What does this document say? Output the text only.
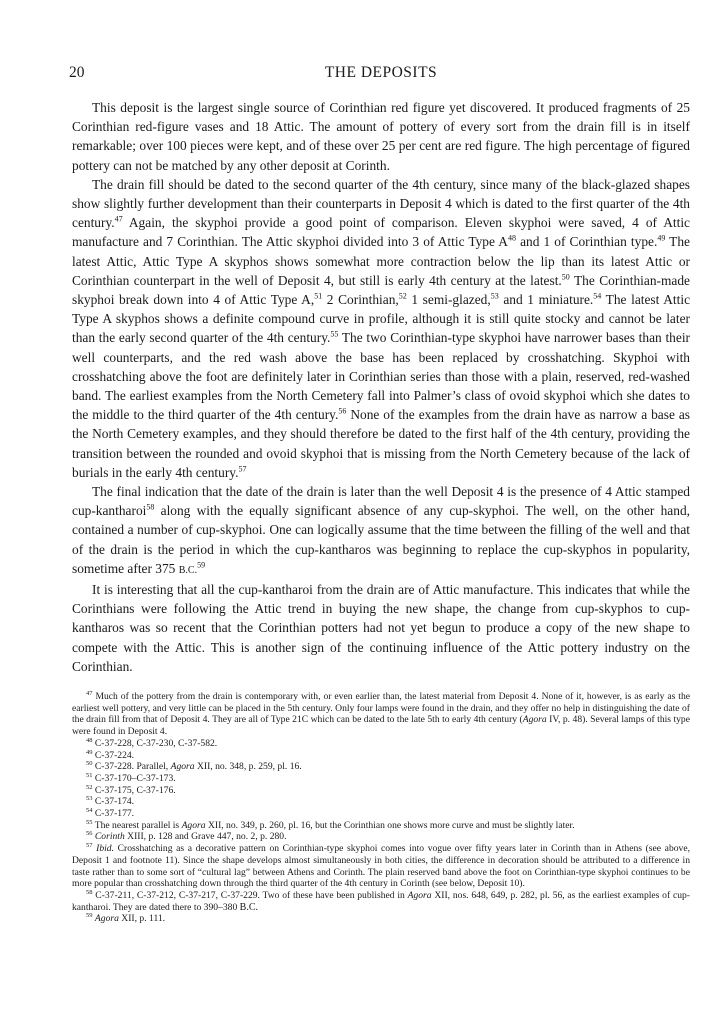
20	THE DEPOSITS

This deposit is the largest single source of Corinthian red figure yet discovered. It produced fragments of 25 Corinthian red-figure vases and 18 Attic. The amount of pottery of every sort from the drain fill is in itself remarkable; over 100 pieces were kept, and of these over 25 per cent are red figure. The high percentage of figured pottery can not be matched by any other deposit at Corinth.

The drain fill should be dated to the second quarter of the 4th century, since many of the black-glazed shapes show slightly further development than their counterparts in Deposit 4 which is dated to the first quarter of the 4th century.$^{47}$ Again, the skyphoi provide a good point of comparison. Eleven skyphoi were saved, 4 of Attic manufacture and 7 Corinthian. The Attic skyphoi divided into 3 of Attic Type $A^{48}$ and 1 of Corinthian type.$^{49}$ The latest Attic, Attic Type A skyphos shows somewhat more contraction below the lip than its latest Attic or Corinthian counterpart in the well of Deposit 4, but still is early 4th century at the latest.$^{50}$ The Corinthian-made skyphoi break down into 4 of Attic Type A,$^{51}$ 2 Corinthian,$^{52}$ 1 semi-glazed,$^{53}$ and 1 miniature.$^{54}$ The latest Attic Type A skyphos shows a definite compound curve in profile, although it is still quite stocky and cannot be later than the early second quarter of the 4th century.$^{55}$ The two Corinthian-type skyphoi have narrower bases than their well counterparts, and the red wash above the base has been replaced by crosshatching. Skyphoi with crosshatching above the foot are definitely later in Corinthian series than those with a plain, reserved, red-washed band. The earliest examples from the North Cemetery fall into Palmer’s class of ovoid skyphoi which she dates to the middle to the third quarter of the 4th century.$^{56}$ None of the examples from the drain have as narrow a base as the North Cemetery examples, and they should therefore be dated to the first half of the 4th century, providing the transition between the rounded and ovoid skyphoi that is missing from the North Cemetery because of the lack of burials in the early 4th century.$^{57}$

The final indication that the date of the drain is later than the well Deposit 4 is the presence of 4 Attic stamped cup-kantharoi$^{58}$ along with the equally significant absence of any cup-skyphoi. The well, on the other hand, contained a number of cup-skyphoi. One can logically assume that the time between the filling of the well and that of the drain is the period in which the cup-kantharos was beginning to replace the cup-skyphos in popularity, sometime after 375 B.C.$^{59}$

It is interesting that all the cup-kantharoi from the drain are of Attic manufacture. This indicates that while the Corinthians were following the Attic trend in buying the new shape, the change from cup-skyphos to cup-kantharos was so recent that the Corinthian potters had not yet begun to produce a copy of the new shape to compete with the Attic. This is another sign of the continuing influence of the Attic pottery industry on the Corinthian.

$^{47}$ Much of the pottery from the drain is contemporary with, or even earlier than, the latest material from Deposit 4. None of it, however, is as early as the earliest well pottery, and very little can be placed in the 5th century. Only four lamps were found in the drain, and they offer no help in distinguishing the date of the drain fill from that of Deposit 4. They are all of Type 21C which can be dated to the late 5th to early 4th century (Agora IV, p. 48). Several lamps of this type were found in Deposit 4.

$^{48}$ C-37-228, C-37-230, C-37-582.

$^{49}$ C-37-224.

$^{50}$ C-37-228. Parallel, Agora XII, no. 348, p. 259, pl. 16.

$^{51}$ C-37-170–C-37-173.

$^{52}$ C-37-175, C-37-176.

$^{53}$ C-37-174.

$^{54}$ C-37-177.

$^{55}$ The nearest parallel is Agora XII, no. 349, p. 260, pl. 16, but the Corinthian one shows more curve and must be slightly later.

$^{56}$ Corinth XIII, p. 128 and Grave 447, no. 2, p. 280.

$^{57}$ Ibid. Crosshatching as a decorative pattern on Corinthian-type skyphoi comes into vogue over fifty years later in Corinth than in Athens (see above, Deposit 1 and footnote 11). Since the shape develops almost simultaneously in both cities, the difference in decoration should be attributed to a difference in taste rather than to some sort of “cultural lag” between Athens and Corinth. The plain reserved band above the foot on Corinthian-type skyphoi continues to be more popular than crosshatching down through the third quarter of the 4th century in Corinth (see below, Deposit 10).

$^{58}$ C-37-211, C-37-212, C-37-217, C-37-229. Two of these have been published in Agora XII, nos. 648, 649, p. 282, pl. 56, as the earliest examples of cup-kantharoi. They are dated there to 390–380 B.C.

$^{59}$ Agora XII, p. 111.
